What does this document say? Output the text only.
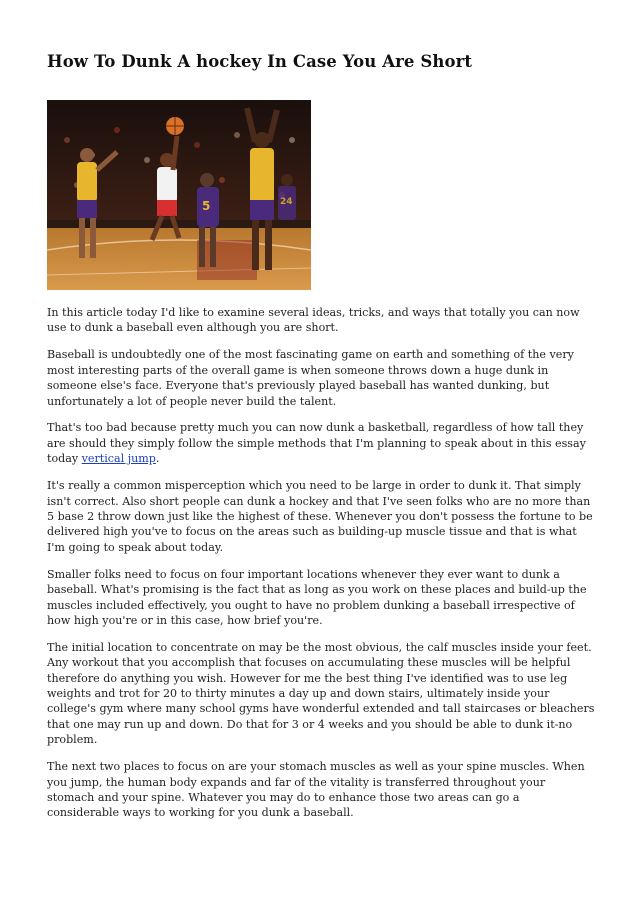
How To Dunk A hockey In Case You Are Short
5	24

In this article today I'd like to examine several ideas, tricks, and ways that totally you can now use to dunk a baseball even although you are short.

Baseball is undoubtedly one of the most fascinating game on earth and something of the very most interesting parts of the overall game is when someone throws down a huge dunk in someone else's face. Everyone that's previously played baseball has wanted dunking, but unfortunately a lot of people never build the talent.

That's too bad because pretty much you can now dunk a basketball, regardless of how tall they are should they simply follow the simple methods that I'm planning to speak about in this essay today vertical jump.

It's really a common misperception which you need to be large in order to dunk it. That simply isn't correct. Also short people can dunk a hockey and that I've seen folks who are no more than 5 base 2 throw down just like the highest of these. Whenever you don't possess the fortune to be delivered high you've to focus on the areas such as building-up muscle tissue and that is what I'm going to speak about today.

Smaller folks need to focus on four important locations whenever they ever want to dunk a baseball. What's promising is the fact that as long as you work on these places and build-up the muscles included effectively, you ought to have no problem dunking a baseball irrespective of how high you're or in this case, how brief you're.

The initial location to concentrate on may be the most obvious, the calf muscles inside your feet. Any workout that you accomplish that focuses on accumulating these muscles will be helpful therefore do anything you wish. However for me the best thing I've identified was to use leg weights and trot for 20 to thirty minutes a day up and down stairs, ultimately inside your college's gym where many school gyms have wonderful extended and tall staircases or bleachers that one may run up and down. Do that for 3 or 4 weeks and you should be able to dunk it-no problem.

The next two places to focus on are your stomach muscles as well as your spine muscles. When you jump, the human body expands and far of the vitality is transferred throughout your stomach and your spine. Whatever you may do to enhance those two areas can go a considerable ways to working for you dunk a baseball.
